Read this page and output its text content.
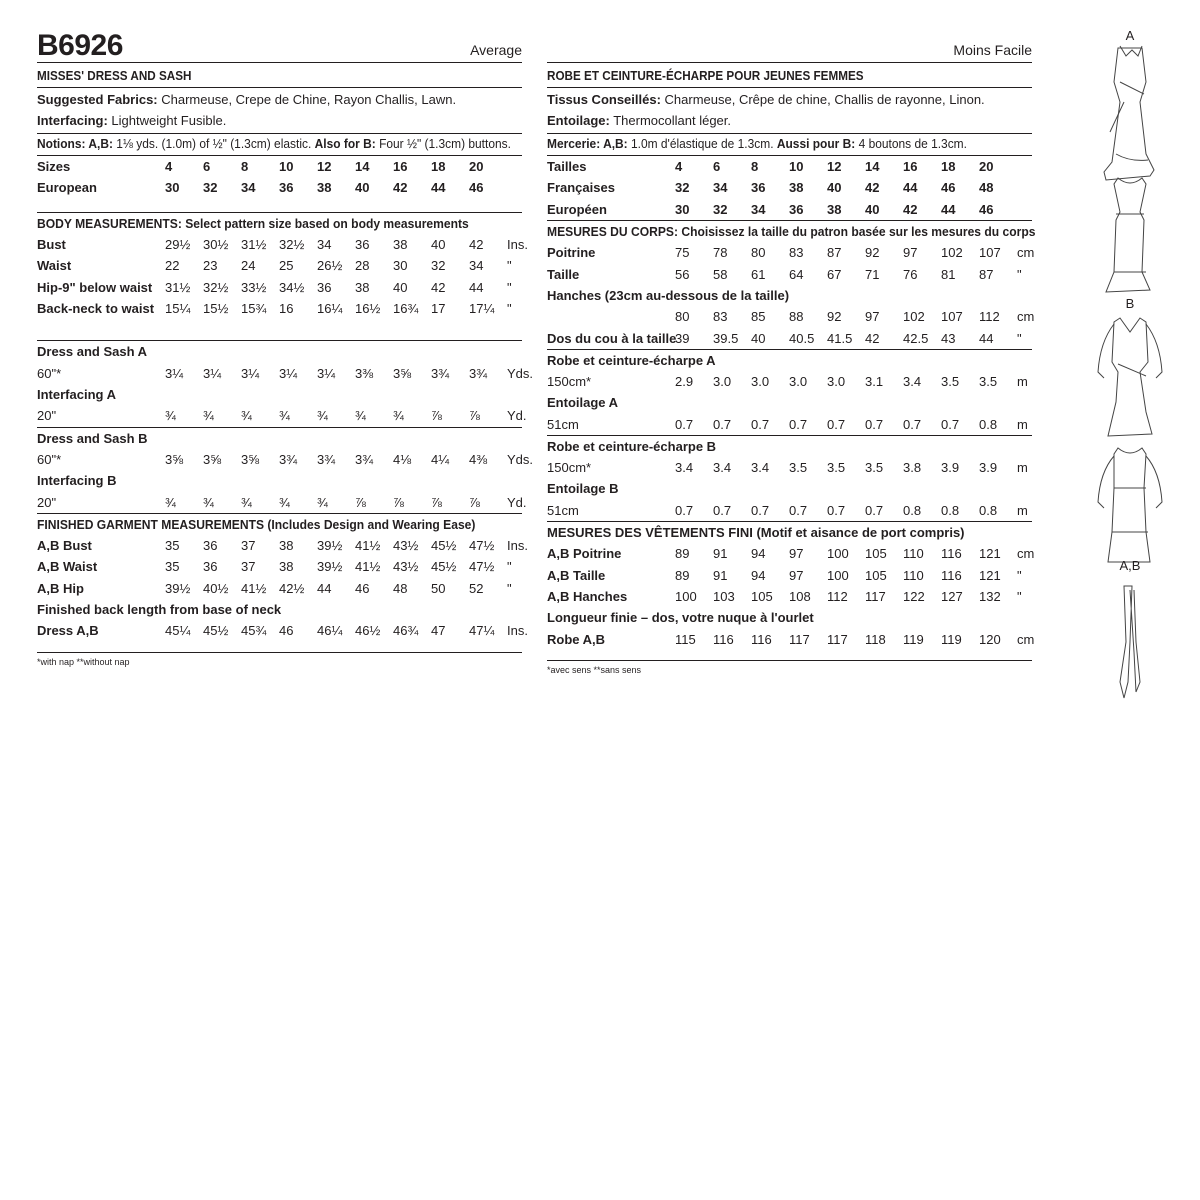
B6926	Average
MISSES' DRESS AND SASH
Suggested Fabrics: Charmeuse, Crepe de Chine, Rayon Challis, Lawn. Interfacing: Lightweight Fusible.
Notions: A,B: 1⅛ yds. (1.0m) of ½" (1.3cm) elastic. Also for B: Four ½" (1.3cm) buttons.
Sizes	4	6	8	10	12	14	16	18	20	
European	30	32	34	36	38	40	42	44	46	
BODY MEASUREMENTS: Select pattern size based on body measurements
Bust	29½	30½	31½	32½	34	36	38	40	42	Ins.
Waist	22	23	24	25	26½	28	30	32	34	"
Hip-9" below waist	31½	32½	33½	34½	36	38	40	42	44	"
Back-neck to waist	15¼	15½	15¾	16	16¼	16½	16¾	17	17¼	"
Dress and Sash A
60"*	3¼	3¼	3¼	3¼	3¼	3⅜	3⅝	3¾	3¾	Yds.
Interfacing A
20"	¾	¾	¾	¾	¾	¾	¾	⅞	⅞	Yd.
Dress and Sash B
60"*	3⅝	3⅝	3⅝	3¾	3¾	3¾	4⅛	4¼	4⅜	Yds.
Interfacing B
20"	¾	¾	¾	¾	¾	⅞	⅞	⅞	⅞	Yd.
FINISHED GARMENT MEASUREMENTS (Includes Design and Wearing Ease)
A,B Bust	35	36	37	38	39½	41½	43½	45½	47½	Ins.
A,B Waist	35	36	37	38	39½	41½	43½	45½	47½	"
A,B Hip	39½	40½	41½	42½	44	46	48	50	52	"
Finished back length from base of neck
Dress A,B	45¼	45½	45¾	46	46¼	46½	46¾	47	47¼	Ins.
*with nap **without nap
Moins Facile
ROBE ET CEINTURE-ÉCHARPE POUR JEUNES FEMMES
Tissus Conseillés: Charmeuse, Crêpe de chine, Challis de rayonne, Linon. Entoilage: Thermocollant léger.
Mercerie: A,B: 1.0m d'élastique de 1.3cm. Aussi pour B: 4 boutons de 1.3cm.
Tailles	4	6	8	10	12	14	16	18	20	
Françaises	32	34	36	38	40	42	44	46	48	
Européen	30	32	34	36	38	40	42	44	46	
MESURES DU CORPS: Choisissez la taille du patron basée sur les mesures du corps
Poitrine	75	78	80	83	87	92	97	102	107	cm
Taille	56	58	61	64	67	71	76	81	87	"
Hanches (23cm au-dessous de la taille)
	80	83	85	88	92	97	102	107	112	cm
Dos du cou à la taille	39	39.5	40	40.5	41.5	42	42.5	43	44	"
Robe et ceinture-écharpe A
150cm*	2.9	3.0	3.0	3.0	3.0	3.1	3.4	3.5	3.5	m
Entoilage A
51cm	0.7	0.7	0.7	0.7	0.7	0.7	0.7	0.7	0.8	m
Robe et ceinture-écharpe B
150cm*	3.4	3.4	3.4	3.5	3.5	3.5	3.8	3.9	3.9	m
Entoilage B
51cm	0.7	0.7	0.7	0.7	0.7	0.7	0.8	0.8	0.8	m
MESURES DES VÊTEMENTS FINI (Motif et aisance de port compris)
A,B Poitrine	89	91	94	97	100	105	110	116	121	cm
A,B Taille	89	91	94	97	100	105	110	116	121	"
A,B Hanches	100	103	105	108	112	117	122	127	132	"
Longueur finie – dos, votre nuque à l'ourlet
Robe A,B	115	116	116	117	117	118	119	119	120	cm
*avec sens **sans sens
A
B
A,B
